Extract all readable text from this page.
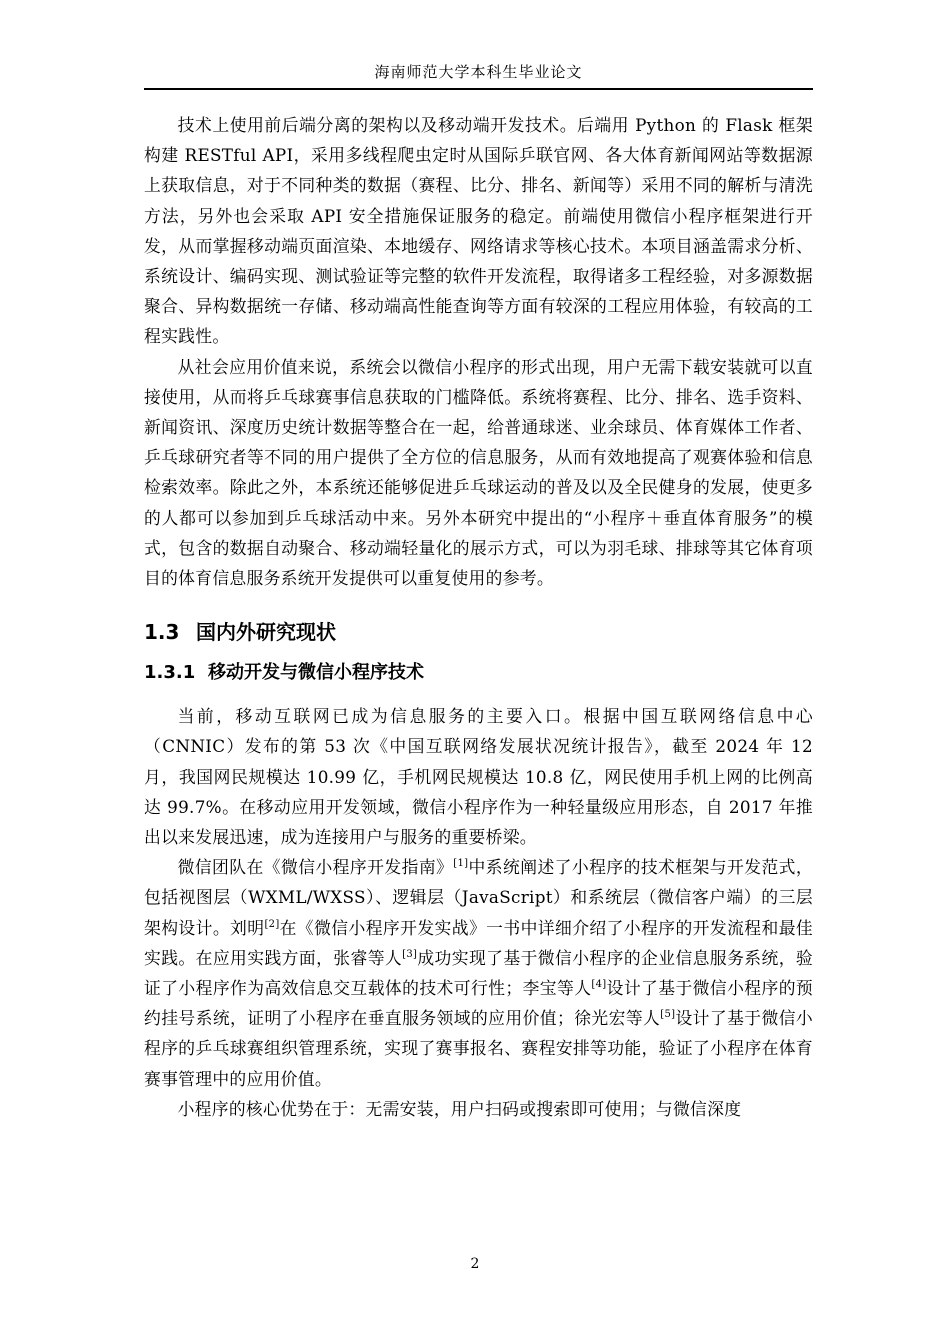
海南师范大学本科生毕业论文

技术上使用前后端分离的架构以及移动端开发技术。后端用 Python 的 Flask 框架构建 RESTful API，采用多线程爬虫定时从国际乒联官网、各大体育新闻网站等数据源上获取信息，对于不同种类的数据（赛程、比分、排名、新闻等）采用不同的解析与清洗方法，另外也会采取 API 安全措施保证服务的稳定。前端使用微信小程序框架进行开发，从而掌握移动端页面渲染、本地缓存、网络请求等核心技术。本项目涵盖需求分析、系统设计、编码实现、测试验证等完整的软件开发流程，取得诸多工程经验，对多源数据聚合、异构数据统一存储、移动端高性能查询等方面有较深的工程应用体验，有较高的工程实践性。

从社会应用价值来说，系统会以微信小程序的形式出现，用户无需下载安装就可以直接使用，从而将乒乓球赛事信息获取的门槛降低。系统将赛程、比分、排名、选手资料、新闻资讯、深度历史统计数据等整合在一起，给普通球迷、业余球员、体育媒体工作者、乒乓球研究者等不同的用户提供了全方位的信息服务，从而有效地提高了观赛体验和信息检索效率。除此之外，本系统还能够促进乒乓球运动的普及以及全民健身的发展，使更多的人都可以参加到乒乓球活动中来。另外本研究中提出的“小程序＋垂直体育服务”的模式，包含的数据自动聚合、移动端轻量化的展示方式，可以为羽毛球、排球等其它体育项目的体育信息服务系统开发提供可以重复使用的参考。

1.3 国内外研究现状
1.3.1 移动开发与微信小程序技术

当前，移动互联网已成为信息服务的主要入口。根据中国互联网络信息中心（CNNIC）发布的第 53 次《中国互联网络发展状况统计报告》，截至 2024 年 12 月，我国网民规模达 10.99 亿，手机网民规模达 10.8 亿，网民使用手机上网的比例高达 99.7%。在移动应用开发领域，微信小程序作为一种轻量级应用形态，自 2017 年推出以来发展迅速，成为连接用户与服务的重要桥梁。

微信团队在《微信小程序开发指南》[1]中系统阐述了小程序的技术框架与开发范式，包括视图层（WXML/WXSS）、逻辑层（JavaScript）和系统层（微信客户端）的三层架构设计。刘明[2]在《微信小程序开发实战》一书中详细介绍了小程序的开发流程和最佳实践。在应用实践方面，张睿等人[3]成功实现了基于微信小程序的企业信息服务系统，验证了小程序作为高效信息交互载体的技术可行性；李宝等人[4]设计了基于微信小程序的预约挂号系统，证明了小程序在垂直服务领域的应用价值；徐光宏等人[5]设计了基于微信小程序的乒乓球赛组织管理系统，实现了赛事报名、赛程安排等功能，验证了小程序在体育赛事管理中的应用价值。

小程序的核心优势在于：无需安装，用户扫码或搜索即可使用；与微信深度

2
